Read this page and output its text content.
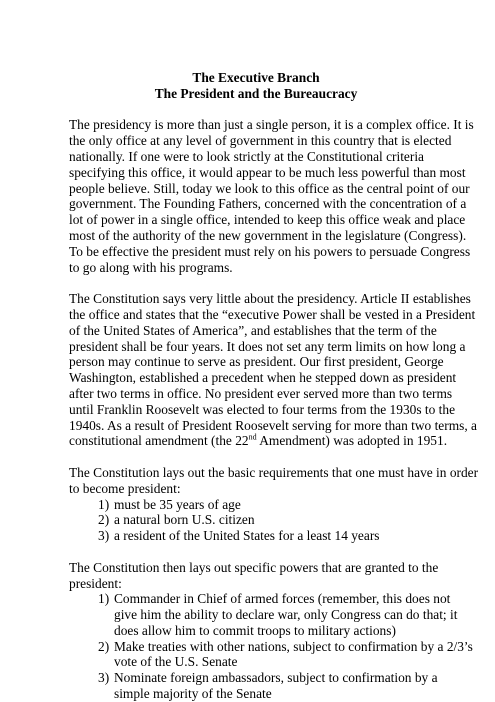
The Executive Branch
The President and the Bureaucracy
The presidency is more than just a single person, it is a complex office. It is
the only office at any level of government in this country that is elected
nationally. If one were to look strictly at the Constitutional criteria
specifying this office, it would appear to be much less powerful than most
people believe. Still, today we look to this office as the central point of our
government. The Founding Fathers, concerned with the concentration of a
lot of power in a single office, intended to keep this office weak and place
most of the authority of the new government in the legislature (Congress).
To be effective the president must rely on his powers to persuade Congress
to go along with his programs.
The Constitution says very little about the presidency. Article II establishes
the office and states that the “executive Power shall be vested in a President
of the United States of America”, and establishes that the term of the
president shall be four years. It does not set any term limits on how long a
person may continue to serve as president. Our first president, George
Washington, established a precedent when he stepped down as president
after two terms in office. No president ever served more than two terms
until Franklin Roosevelt was elected to four terms from the 1930s to the
1940s. As a result of President Roosevelt serving for more than two terms, a
constitutional amendment (the 22nd Amendment) was adopted in 1951.
The Constitution lays out the basic requirements that one must have in order
to become president:
1) must be 35 years of age
2) a natural born U.S. citizen
3) a resident of the United States for a least 14 years
The Constitution then lays out specific powers that are granted to the
president:
1) Commander in Chief of armed forces (remember, this does not
give him the ability to declare war, only Congress can do that; it
does allow him to commit troops to military actions)
2) Make treaties with other nations, subject to confirmation by a 2/3’s
vote of the U.S. Senate
3) Nominate foreign ambassadors, subject to confirmation by a
simple majority of the Senate
